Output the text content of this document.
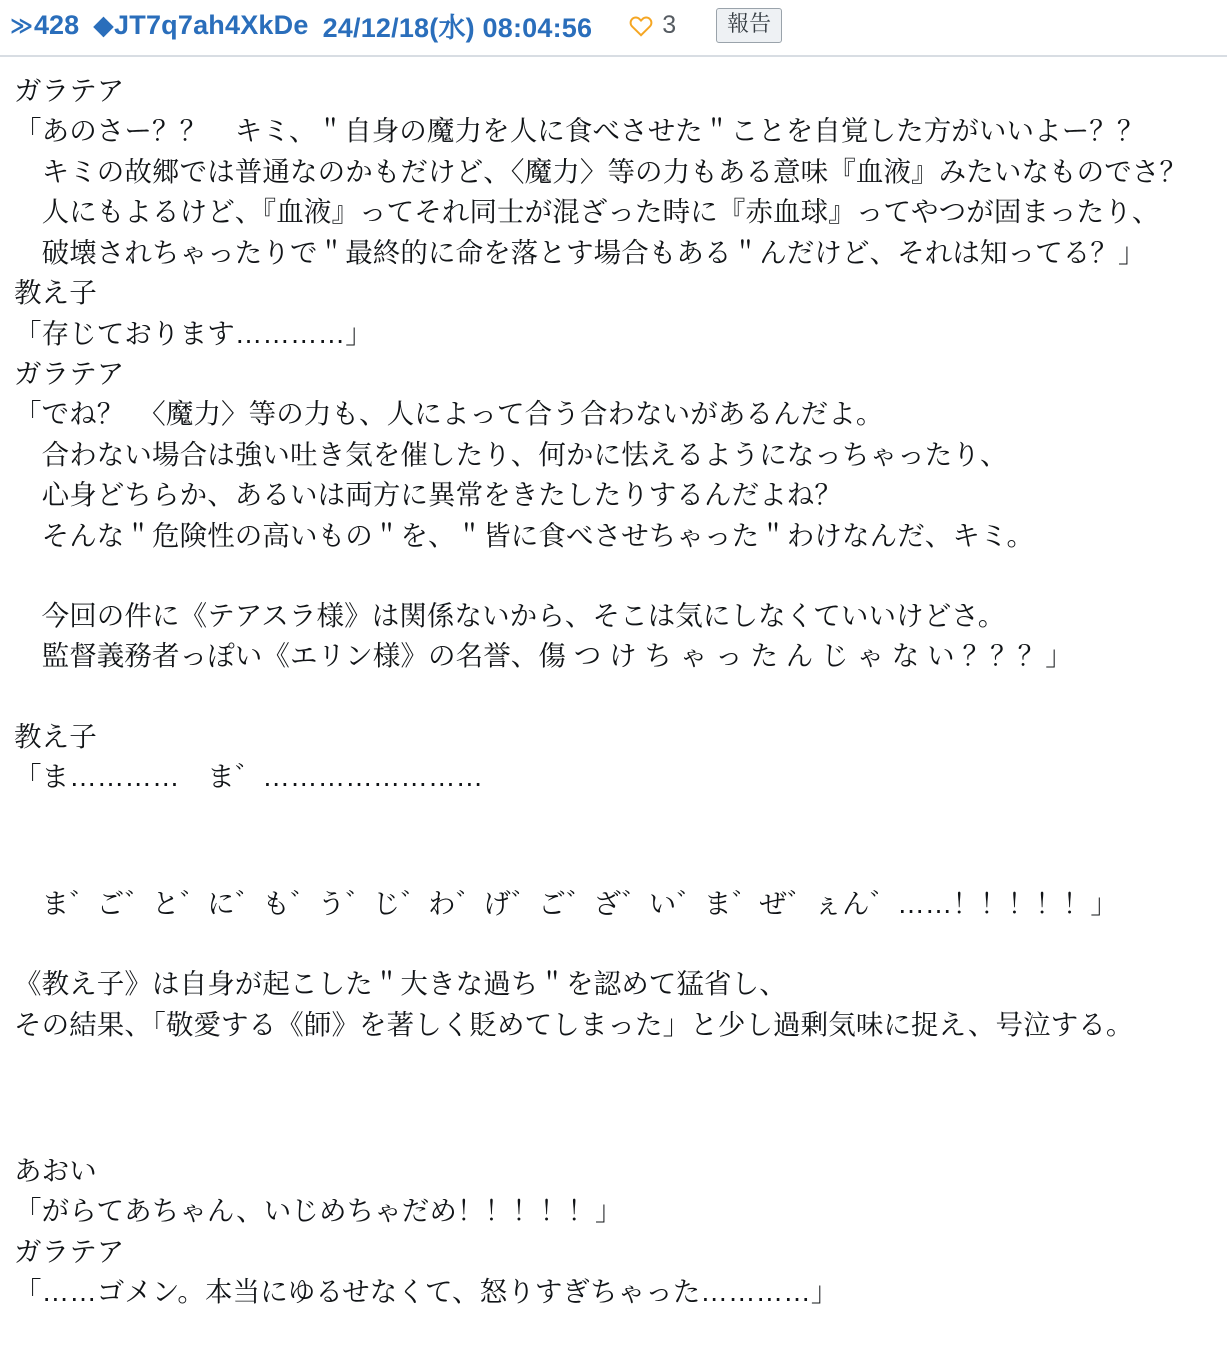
≫ 428 ◆JT7q7ah4XkDe 24/12/18(水) 08:04:56	3	報告
ガラテア
「あのさー？？　キミ、＂自身の魔力を人に食べさせた＂ことを自覚した方がいいよー？？
　キミの故郷では普通なのかもだけど、〈魔力〉等の力もある意味『血液』みたいなものでさ？
　人にもよるけど、『血液』ってそれ同士が混ざった時に『赤血球』ってやつが固まったり、
　破壊されちゃったりで＂最終的に命を落とす場合もある＂んだけど、それは知ってる？」
教え子
「存じております…………」
ガラテア
「でね？　〈魔力〉等の力も、人によって合う合わないがあるんだよ。
　合わない場合は強い吐き気を催したり、何かに怯えるようになっちゃったり、
　心身どちらか、あるいは両方に異常をきたしたりするんだよね？
　そんな＂危険性の高いもの＂を、＂皆に食べさせちゃった＂わけなんだ、キミ。
　今回の件に《テアスラ様》は関係ないから、そこは気にしなくていいけどさ。
　監督義務者っぽい《エリン様》の名誉、傷 つ け ち ゃ っ た ん じ ゃ な い ？？？」
教え子
「ま…………　ま゛……………………
　ま゛ご゛と゛に゛も゛う゛じ゛わ゛げ゛ご゛ざ゛い゛ま゛ぜ゛ぇん゛……！！！！！」
《教え子》は自身が起こした＂大きな過ち＂を認めて猛省し、
その結果、「敬愛する《師》を著しく貶めてしまった」と少し過剰気味に捉え、号泣する。
あおい
「がらてあちゃん、いじめちゃだめ！！！！！」
ガラテア
「……ゴメン。本当にゆるせなくて、怒りすぎちゃった…………」
